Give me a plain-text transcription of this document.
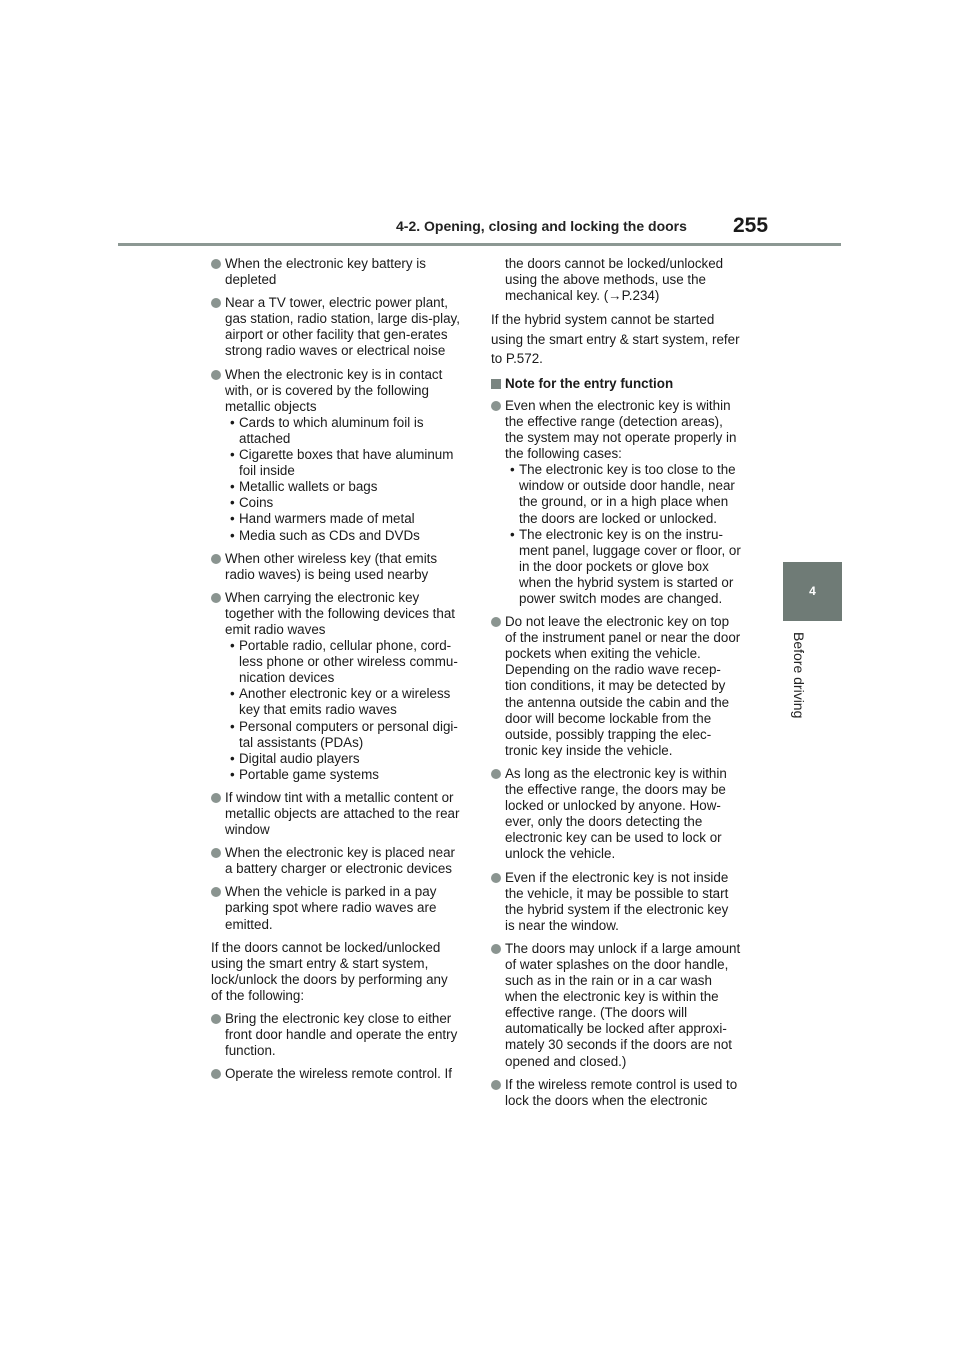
4-2. Opening, closing and locking the doors 255
4
Before driving
When the electronic key battery is depleted
Near a TV tower, electric power plant, gas station, radio station, large dis-play, airport or other facility that gen-erates strong radio waves or electrical noise
When the electronic key is in contact with, or is covered by the following metallic objects
• Cards to which aluminum foil is attached
• Cigarette boxes that have aluminum foil inside
• Metallic wallets or bags
• Coins
• Hand warmers made of metal
• Media such as CDs and DVDs
When other wireless key (that emits radio waves) is being used nearby
When carrying the electronic key together with the following devices that emit radio waves
• Portable radio, cellular phone, cord-less phone or other wireless commu-nication devices
• Another electronic key or a wireless key that emits radio waves
• Personal computers or personal digi-tal assistants (PDAs)
• Digital audio players
• Portable game systems
If window tint with a metallic content or metallic objects are attached to the rear window
When the electronic key is placed near a battery charger or electronic devices
When the vehicle is parked in a pay parking spot where radio waves are emitted.
If the doors cannot be locked/unlocked using the smart entry & start system, lock/unlock the doors by performing any of the following:
Bring the electronic key close to either front door handle and operate the entry function.
Operate the wireless remote control. If
the doors cannot be locked/unlocked using the above methods, use the mechanical key. (→P.234)
If the hybrid system cannot be started using the smart entry & start system, refer to P.572.
Note for the entry function
Even when the electronic key is within the effective range (detection areas), the system may not operate properly in the following cases:
• The electronic key is too close to the window or outside door handle, near the ground, or in a high place when the doors are locked or unlocked.
• The electronic key is on the instru-ment panel, luggage cover or floor, or in the door pockets or glove box when the hybrid system is started or power switch modes are changed.
Do not leave the electronic key on top of the instrument panel or near the door pockets when exiting the vehicle. Depending on the radio wave recep-tion conditions, it may be detected by the antenna outside the cabin and the door will become lockable from the outside, possibly trapping the elec-tronic key inside the vehicle.
As long as the electronic key is within the effective range, the doors may be locked or unlocked by anyone. How-ever, only the doors detecting the electronic key can be used to lock or unlock the vehicle.
Even if the electronic key is not inside the vehicle, it may be possible to start the hybrid system if the electronic key is near the window.
The doors may unlock if a large amount of water splashes on the door handle, such as in the rain or in a car wash when the electronic key is within the effective range. (The doors will automatically be locked after approxi-mately 30 seconds if the doors are not opened and closed.)
If the wireless remote control is used to lock the doors when the electronic
